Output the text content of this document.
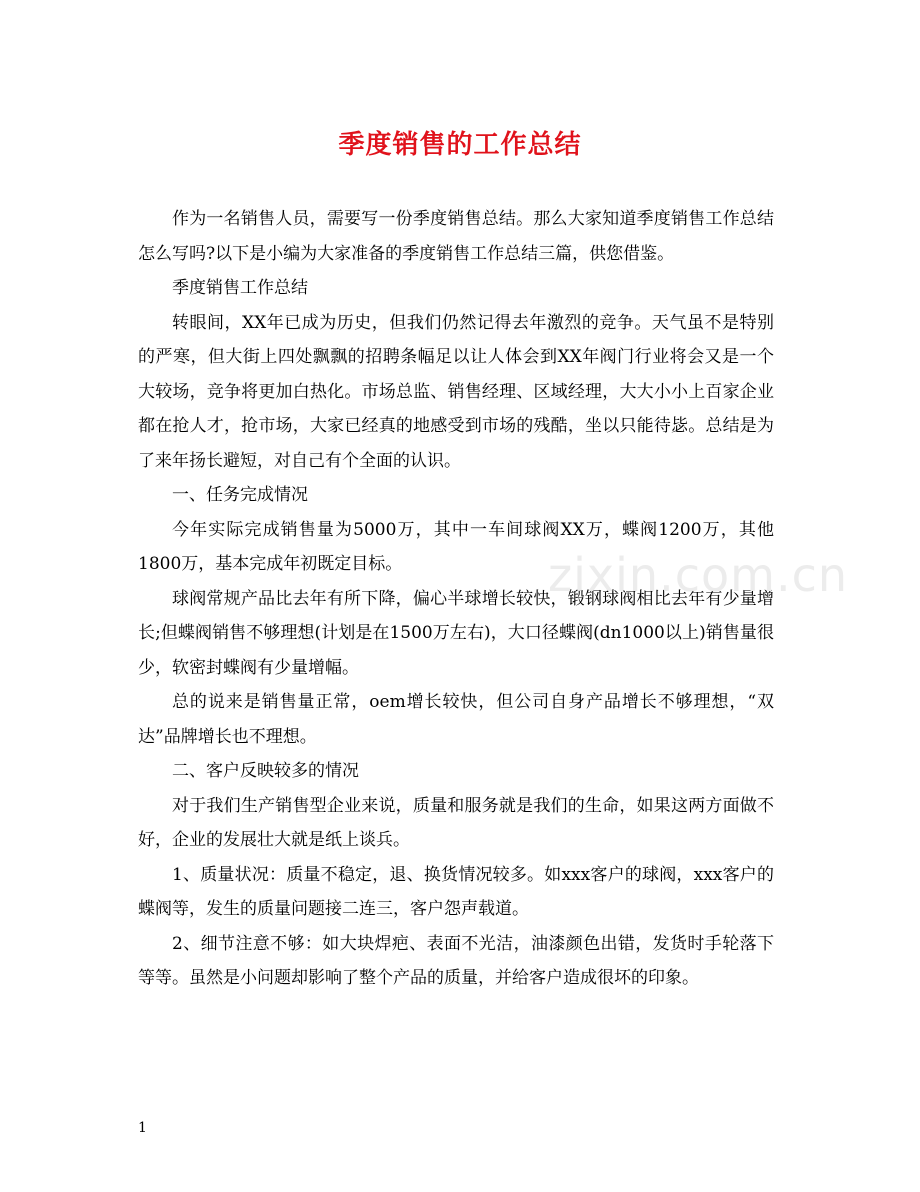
季度销售的工作总结

作为一名销售人员，需要写一份季度销售总结。那么大家知道季度销售工作总结怎么写吗?以下是小编为大家准备的季度销售工作总结三篇，供您借鉴。

季度销售工作总结

转眼间，XX年已成为历史，但我们仍然记得去年激烈的竞争。天气虽不是特别的严寒，但大街上四处飘飘的招聘条幅足以让人体会到XX年阀门行业将会又是一个大较场，竞争将更加白热化。市场总监、销售经理、区域经理，大大小小上百家企业都在抢人才，抢市场，大家已经真的地感受到市场的残酷，坐以只能待毖。总结是为了来年扬长避短，对自己有个全面的认识。

一、任务完成情况

今年实际完成销售量为5000万，其中一车间球阀XX万，蝶阀1200万，其他1800万，基本完成年初既定目标。

球阀常规产品比去年有所下降，偏心半球增长较快，锻钢球阀相比去年有少量增长;但蝶阀销售不够理想(计划是在1500万左右)，大口径蝶阀(dn1000以上)销售量很少，软密封蝶阀有少量增幅。

总的说来是销售量正常，oem增长较快，但公司自身产品增长不够理想，“双达”品牌增长也不理想。

二、客户反映较多的情况

对于我们生产销售型企业来说，质量和服务就是我们的生命，如果这两方面做不好，企业的发展壮大就是纸上谈兵。

1、质量状况：质量不稳定，退、换货情况较多。如xxx客户的球阀，xxx客户的蝶阀等，发生的质量问题接二连三，客户怨声载道。

2、细节注意不够：如大块焊疤、表面不光洁，油漆颜色出错，发货时手轮落下等等。虽然是小问题却影响了整个产品的质量，并给客户造成很坏的印象。

zixin.com.cn
1
